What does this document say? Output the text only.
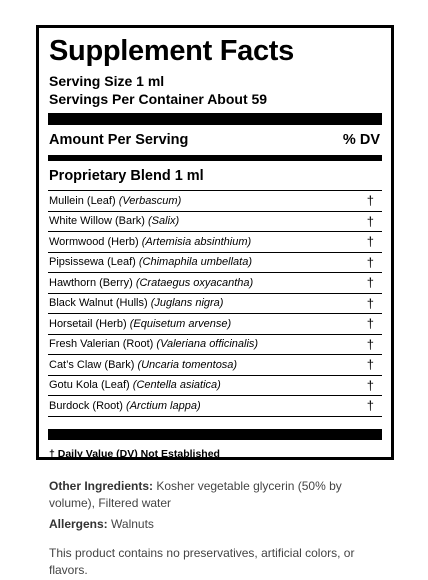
Supplement Facts
Serving Size 1 ml
Servings Per Container About 59
Amount Per Serving	% DV
Proprietary Blend 1 ml
Mullein (Leaf) (Verbascum)	†
White Willow (Bark) (Salix)	†
Wormwood (Herb) (Artemisia absinthium)	†
Pipsissewa (Leaf) (Chimaphila umbellata)	†
Hawthorn (Berry) (Crataegus oxyacantha)	†
Black Walnut (Hulls) (Juglans nigra)	†
Horsetail (Herb) (Equisetum arvense)	†
Fresh Valerian (Root) (Valeriana officinalis)	†
Cat’s Claw (Bark) (Uncaria tomentosa)	†
Gotu Kola (Leaf) (Centella asiatica)	†
Burdock (Root) (Arctium lappa)	†
† Daily Value (DV) Not Established
Other Ingredients: Kosher vegetable glycerin (50% by volume), Filtered water
Allergens: Walnuts
This product contains no preservatives, artificial colors, or flavors.
